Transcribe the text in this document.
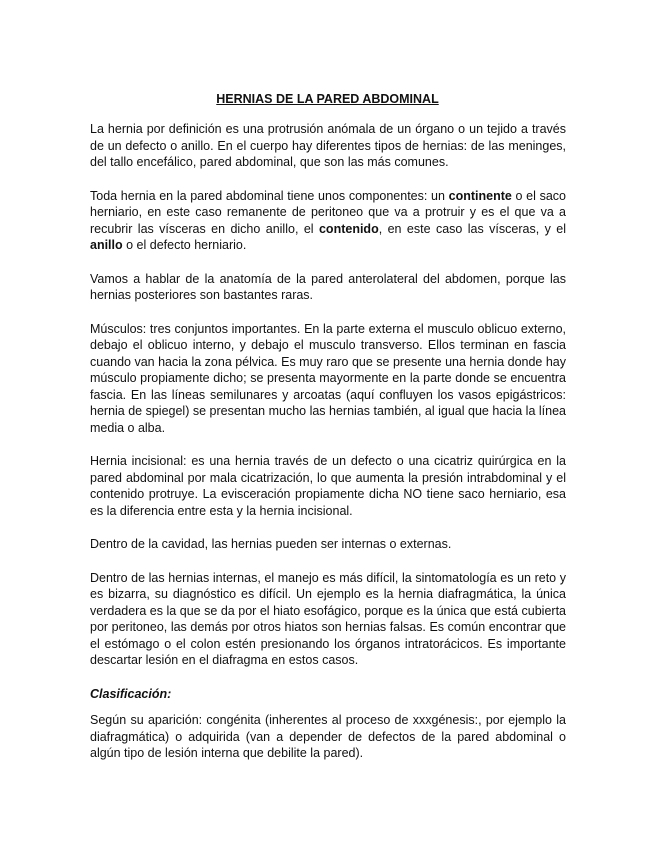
HERNIAS DE LA PARED ABDOMINAL

La hernia por definición es una protrusión anómala de un órgano o un tejido a través de un defecto o anillo. En el cuerpo hay diferentes tipos de hernias: de las meninges, del tallo encefálico, pared abdominal, que son las más comunes.

Toda hernia en la pared abdominal tiene unos componentes: un continente o el saco herniario, en este caso remanente de peritoneo que va a protruir y es el que va a recubrir las vísceras en dicho anillo, el contenido, en este caso las vísceras, y el anillo o el defecto herniario.

Vamos a hablar de la anatomía de la pared anterolateral del abdomen, porque las hernias posteriores son bastantes raras.

Músculos: tres conjuntos importantes. En la parte externa el musculo oblicuo externo, debajo el oblicuo interno, y debajo el musculo transverso. Ellos terminan en fascia cuando van hacia la zona pélvica. Es muy raro que se presente una hernia donde hay músculo propiamente dicho; se presenta mayormente en la parte donde se encuentra fascia. En las líneas semilunares y arcoatas (aquí confluyen los vasos epigástricos: hernia de spiegel) se presentan mucho las hernias también, al igual que hacia la línea media o alba.

Hernia incisional: es una hernia través de un defecto o una cicatriz quirúrgica en la pared abdominal por mala cicatrización, lo que aumenta la presión intrabdominal y el contenido protruye. La evisceración propiamente dicha NO tiene saco herniario, esa es la diferencia entre esta y la hernia incisional.

Dentro de la cavidad, las hernias pueden ser internas o externas.

Dentro de las hernias internas, el manejo es más difícil, la sintomatología es un reto y es bizarra, su diagnóstico es difícil. Un ejemplo es la hernia diafragmática, la única verdadera es la que se da por el hiato esofágico, porque es la única que está cubierta por peritoneo, las demás por otros hiatos son hernias falsas. Es común encontrar que el estómago o el colon estén presionando los órganos intratorácicos. Es importante descartar lesión en el diafragma en estos casos.

Clasificación:

Según su aparición: congénita (inherentes al proceso de xxxgénesis:, por ejemplo la diafragmática) o adquirida (van a depender de defectos de la pared abdominal o algún tipo de lesión interna que debilite la pared).
